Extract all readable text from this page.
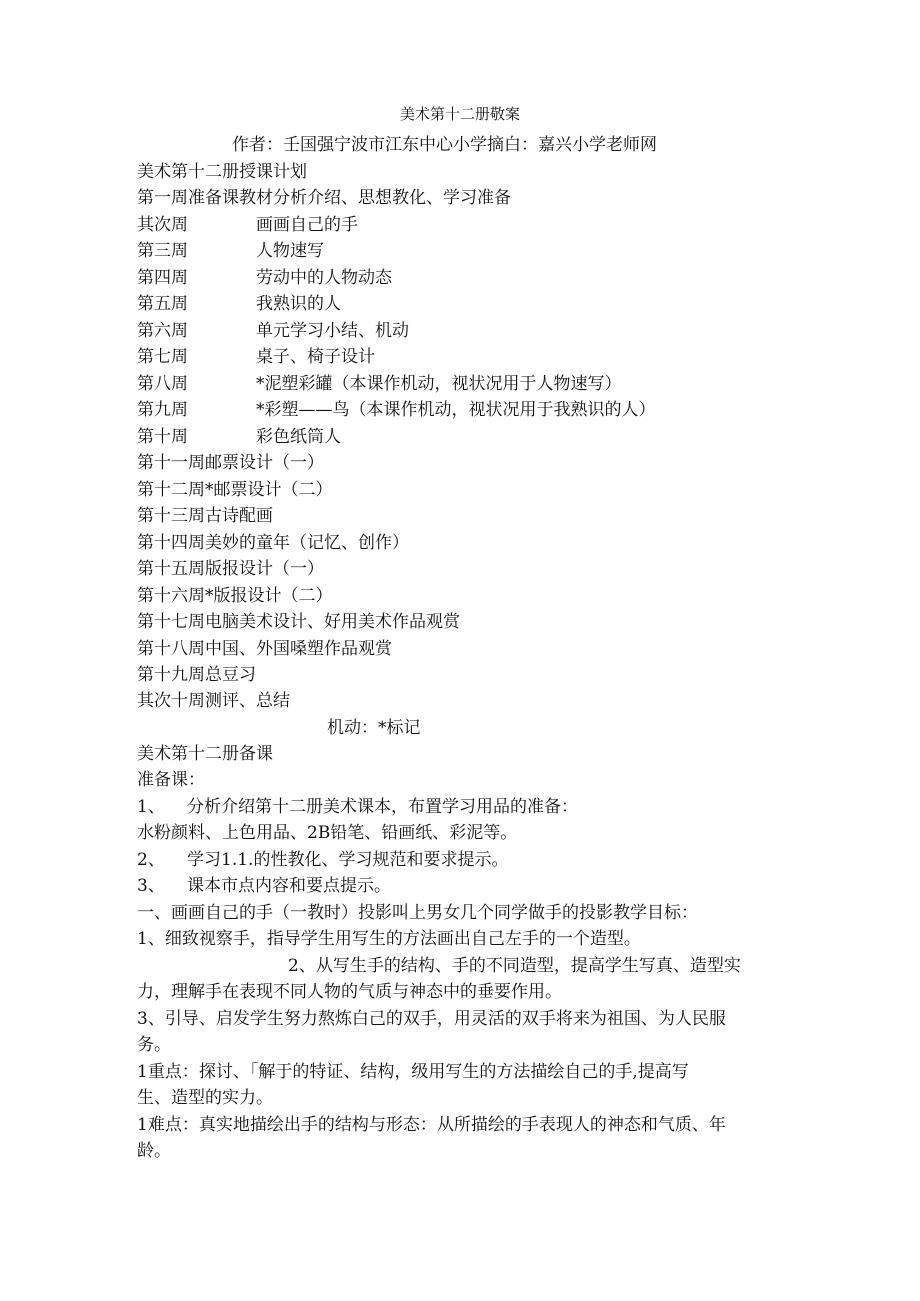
美术第十二册敬案
作者：壬国强宁波市江东中心小学摘白：嘉兴小学老师网
美术第十二册授课计划
第一周准备课教材分析介绍、思想教化、学习准备
其次周	画画自己的手
第三周	人物速写
第四周	劳动中的人物动态
第五周	我熟识的人
第六周	单元学习小结、机动
第七周	桌子、椅子设计
第八周	*泥塑彩罐（本课作机动，视状况用于人物速写）
第九周	*彩塑——鸟（本课作机动，视状况用于我熟识的人）
第十周	彩色纸筒人
第十一周邮票设计（一）
第十二周*邮票设计（二）
第十三周古诗配画
第十四周美妙的童年（记忆、创作）
第十五周版报设计（一）
第十六周*版报设计（二）
第十七周电脑美术设计、好用美术作品观赏
第十八周中国、外国嗓塑作品观赏
第十九周总豆习
其次十周测评、总结
机动：*标记
美术第十二册备课
准备课：
1、 分析介绍第十二册美术课本，布置学习用品的准备：
水粉颜料、上色用品、2B铅笔、铅画纸、彩泥等。
2、 学习1.1.的性教化、学习规范和要求提示。
3、 课本市点内容和要点提示。
一、画画自己的手（一教时）投影叫上男女几个同学做手的投影教学目标：
1、细致视察手，指导学生用写生的方法画出自己左手的一个造型。
2、从写生手的结构、手的不同造型，提高学生写真、造型实
力，理解手在表现不同人物的气质与神态中的垂要作用。
3、引导、启发学生努力熬炼白己的双手，用灵活的双手将来为祖国、为人民服
务。
1重点：探讨、「解于的特证、结构，级用写生的方法描绘自己的手,提高写
生、造型的实力。
1难点：真实地描绘出手的结构与形态：从所描绘的手表现人的神态和气质、年
龄。
